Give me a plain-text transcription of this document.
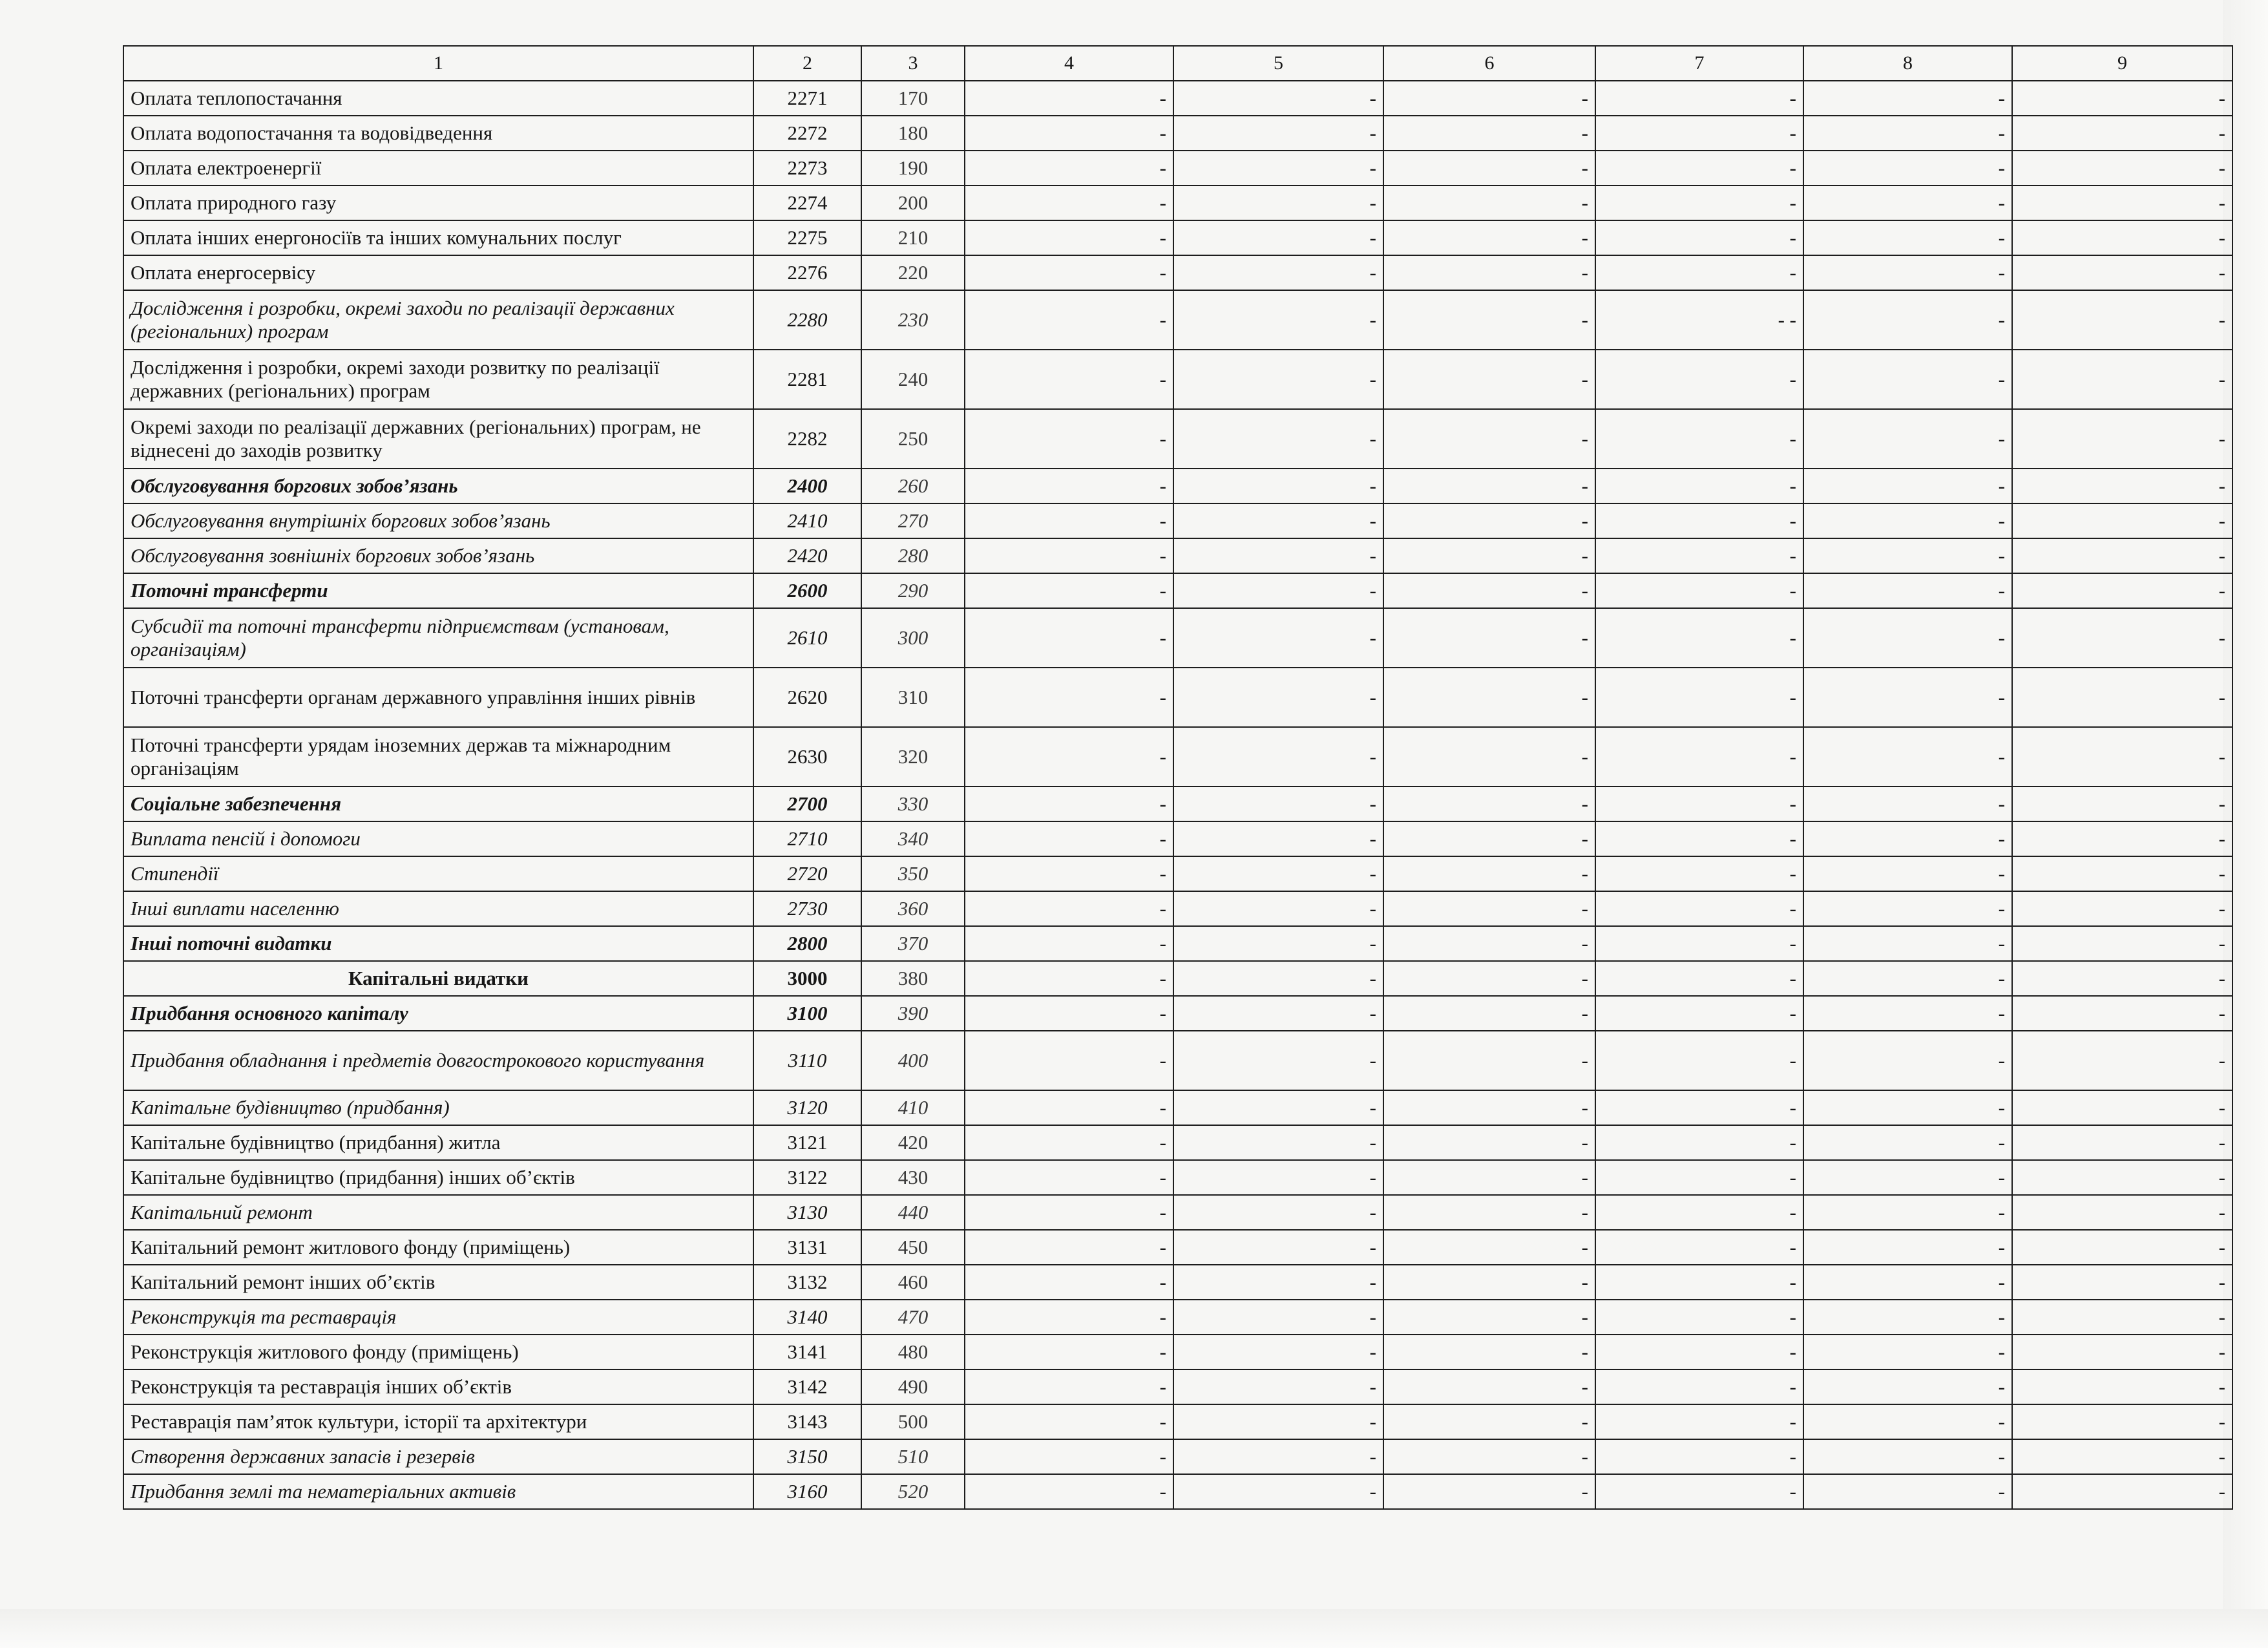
1	2	3	4	5	6	7	8	9
Оплата теплопостачання	2271	170	-	-	-	-	-	-
Оплата водопостачання та водовідведення	2272	180	-	-	-	-	-	-
Оплата електроенергії	2273	190	-	-	-	-	-	-
Оплата природного газу	2274	200	-	-	-	-	-	-
Оплата інших енергоносіїв та інших комунальних послуг	2275	210	-	-	-	-	-	-
Оплата енергосервісу	2276	220	-	-	-	-	-	-
Дослідження і розробки, окремі заходи по реалізації державних (регіональних) програм	2280	230	-	-	-	- -	-	-
Дослідження і розробки, окремі заходи розвитку по реалізації державних (регіональних) програм	2281	240	-	-	-	-	-	-
Окремі заходи по реалізації державних (регіональних) програм, не віднесені до заходів розвитку	2282	250	-	-	-	-	-	-
Обслуговування боргових зобов’язань	2400	260	-	-	-	-	-	-
Обслуговування внутрішніх боргових зобов’язань	2410	270	-	-	-	-	-	-
Обслуговування зовнішніх боргових зобов’язань	2420	280	-	-	-	-	-	-
Поточні трансферти	2600	290	-	-	-	-	-	-
Субсидії та поточні трансферти підприємствам (установам, організаціям)	2610	300	-	-	-	-	-	-
Поточні трансферти органам державного управління інших рівнів	2620	310	-	-	-	-	-	-
Поточні трансферти урядам іноземних держав та міжнародним організаціям	2630	320	-	-	-	-	-	-
Соціальне забезпечення	2700	330	-	-	-	-	-	-
Виплата пенсій і допомоги	2710	340	-	-	-	-	-	-
Стипендії	2720	350	-	-	-	-	-	-
Інші виплати населенню	2730	360	-	-	-	-	-	-
Інші поточні видатки	2800	370	-	-	-	-	-	-
Капітальні видатки	3000	380	-	-	-	-	-	-
Придбання основного капіталу	3100	390	-	-	-	-	-	-
Придбання обладнання і предметів довгострокового користування	3110	400	-	-	-	-	-	-
Капітальне будівництво (придбання)	3120	410	-	-	-	-	-	-
Капітальне будівництво (придбання) житла	3121	420	-	-	-	-	-	-
Капітальне будівництво (придбання) інших об’єктів	3122	430	-	-	-	-	-	-
Капітальний ремонт	3130	440	-	-	-	-	-	-
Капітальний ремонт житлового фонду (приміщень)	3131	450	-	-	-	-	-	-
Капітальний ремонт інших об’єктів	3132	460	-	-	-	-	-	-
Реконструкція та реставрація	3140	470	-	-	-	-	-	-
Реконструкція житлового фонду (приміщень)	3141	480	-	-	-	-	-	-
Реконструкція та реставрація інших об’єктів	3142	490	-	-	-	-	-	-
Реставрація пам’яток культури, історії та архітектури	3143	500	-	-	-	-	-	-
Створення державних запасів і резервів	3150	510	-	-	-	-	-	-
Придбання землі та нематеріальних активів	3160	520	-	-	-	-	-	-
